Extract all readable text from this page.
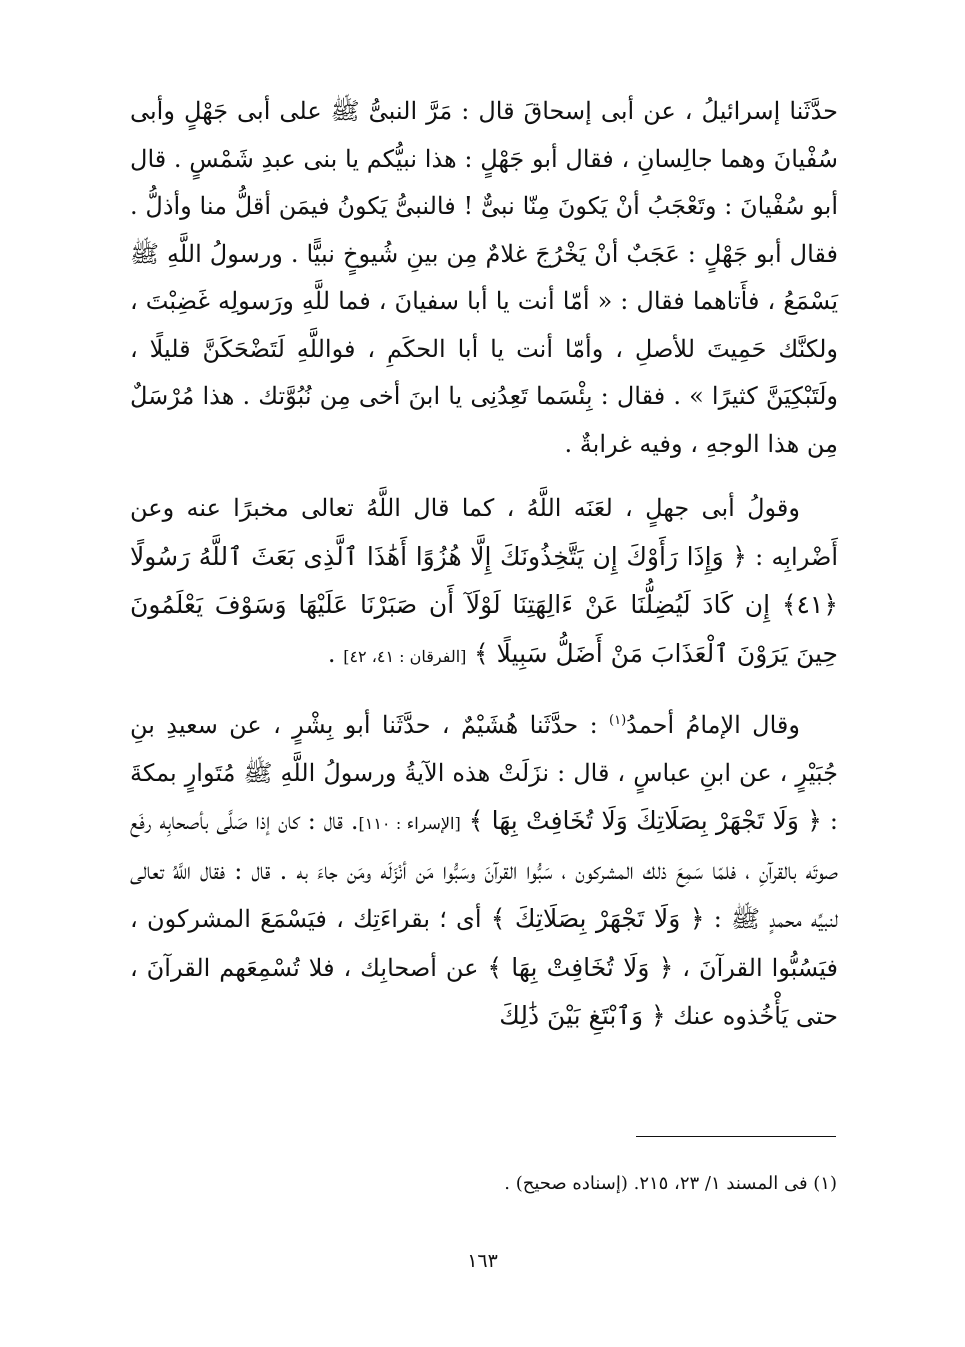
حدَّثَنا إسرائيلُ ، عن أبى إسحاقَ قال : مَرَّ النبىُّ ﷺ على أبى جَهْلٍ وأبى سُفْيانَ وهما جالِسانِ ، فقال أبو جَهْلٍ : هذا نبيُّكم يا بنى عبدِ شَمْسٍ . قال أبو سُفْيانَ : وتَعْجَبُ أنْ يَكونَ مِنّا نبىٌّ ! فالنبىُّ يَكونُ فيمَن أقلُّ منا وأذلُّ . فقال أبو جَهْلٍ : عَجَبٌ أنْ يَخْرُجَ غلامٌ مِن بينِ شُيوخٍ نبيًّا . ورسولُ اللَّهِ ﷺ يَسْمَعُ ، فأَتاهما فقال : « أمّا أنت يا أبا سفيانَ ، فما للَّهِ ورَسولِه غَضِبْتَ ، ولكنَّك حَمِيتَ للأصلِ ، وأمّا أنت يا أبا الحكَمِ ، فواللَّهِ لَتَضْحَكَنَّ قليلًا ، ولَتَبْكِيَنَّ كثيرًا » . فقال : بِئْسَما تَعِدُنِى يا ابنَ أخى مِن نُبُوَّتك . هذا مُرْسَلٌ مِن هذا الوجهِ ، وفيه غرابةٌ .

وقولُ أبى جهلٍ ، لعَنَه اللَّهُ ، كما قال اللَّهُ تعالى مخبرًا عنه وعن أَضْرابِه : ﴿ وَإِذَا رَأَوْكَ إِن يَتَّخِذُونَكَ إِلَّا هُزُوًا أَهَٰذَا ٱلَّذِى بَعَثَ ٱللَّهُ رَسُولًا ﴿٤١﴾ إِن كَادَ لَيُضِلُّنَا عَنْ ءَالِهَتِنَا لَوْلَآ أَن صَبَرْنَا عَلَيْهَا وَسَوْفَ يَعْلَمُونَ حِينَ يَرَوْنَ ٱلْعَذَابَ مَنْ أَضَلُّ سَبِيلًا ﴾ [الفرقان : ٤١، ٤٢] .

وقال الإمامُ أحمدُ$^{(١)}$ : حدَّثَنا هُشَيْمٌ ، حدَّثَنا أبو بِشْرٍ ، عن سعيدِ بنِ جُبَيْرٍ ، عن ابنِ عباسٍ ، قال : نزَلَتْ هذه الآيةُ ورسولُ اللَّهِ ﷺ مُتَوارٍ بمكةَ : ﴿ وَلَا تَجْهَرْ بِصَلَاتِكَ وَلَا تُخَافِتْ بِهَا ﴾ [الإسراء : ١١٠]. قال : كان إذا صَلَّى بأصحابِه رفَع صوتَه بالقرآنِ ، فلمّا سَمِعَ ذلك المشركون ، سَبُّوا القرآنَ وسَبُّوا مَن أنْزَلَه ومَن جاءَ به . قال : فقال اللَّهُ تعالى لنبيِّه محمدٍ ﷺ : ﴿ وَلَا تَجْهَرْ بِصَلَاتِكَ ﴾ أى ؛ بقراءَتِك ، فيَسْمَعَ المشركون ، فيَسُبُّوا القرآنَ ، ﴿ وَلَا تُخَافِتْ بِهَا ﴾ عن أصحابِك ، فلا تُسْمِعَهم القرآنَ ، حتى يَأْخُذوه عنك ﴿ وَٱبْتَغِ بَيْنَ ذَٰلِكَ

(١) فى المسند ١/ ٢٣، ٢١٥. (إسناده صحيح) .
١٦٣
